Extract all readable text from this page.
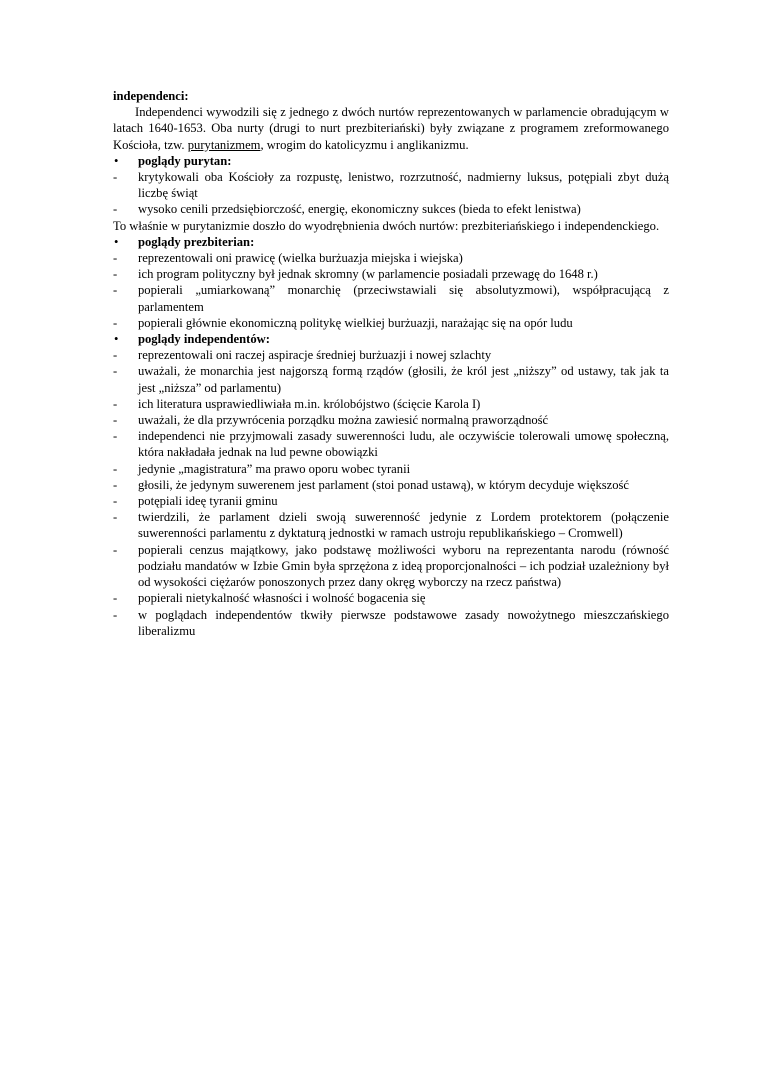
independenci:

Independenci wywodzili się z jednego z dwóch nurtów reprezentowanych w parlamencie obradującym w latach 1640-1653. Oba nurty (drugi to nurt prezbiteriański) były związane z programem zreformowanego Kościoła, tzw. purytanizmem, wrogim do katolicyzmu i anglikanizmu.

• poglądy purytan:
- krytykowali oba Kościoły za rozpustę, lenistwo, rozrzutność, nadmierny luksus, potępiali zbyt dużą liczbę świąt
- wysoko cenili przedsiębiorczość, energię, ekonomiczny sukces (bieda to efekt lenistwa)

To właśnie w purytanizmie doszło do wyodrębnienia dwóch nurtów: prezbiteriańskiego i independenckiego.

• poglądy prezbiterian:
- reprezentowali oni prawicę (wielka burżuazja miejska i wiejska)
- ich program polityczny był jednak skromny (w parlamencie posiadali przewagę do 1648 r.)
- popierali „umiarkowaną” monarchię (przeciwstawiali się absolutyzmowi), współpracującą z parlamentem
- popierali głównie ekonomiczną politykę wielkiej burżuazji, narażając się na opór ludu
• poglądy independentów:
- reprezentowali oni raczej aspiracje średniej burżuazji i nowej szlachty
- uważali, że monarchia jest najgorszą formą rządów (głosili, że król jest „niższy” od ustawy, tak jak ta jest „niższa” od parlamentu)
- ich literatura usprawiedliwiała m.in. królobójstwo (ścięcie Karola I)
- uważali, że dla przywrócenia porządku można zawiesić normalną praworządność
- independenci nie przyjmowali zasady suwerenności ludu, ale oczywiście tolerowali umowę społeczną, która nakładała jednak na lud pewne obowiązki
- jedynie „magistratura” ma prawo oporu wobec tyranii
- głosili, że jedynym suwerenem jest parlament (stoi ponad ustawą), w którym decyduje większość
- potępiali ideę tyranii gminu
- twierdzili, że parlament dzieli swoją suwerenność jedynie z Lordem protektorem (połączenie suwerenności parlamentu z dyktaturą jednostki w ramach ustroju republikańskiego – Cromwell)
- popierali cenzus majątkowy, jako podstawę możliwości wyboru na reprezentanta narodu (równość podziału mandatów w Izbie Gmin była sprzężona z ideą proporcjonalności – ich podział uzależniony był od wysokości ciężarów ponoszonych przez dany okręg wyborczy na rzecz państwa)
- popierali nietykalność własności i wolność bogacenia się
- w poglądach independentów tkwiły pierwsze podstawowe zasady nowożytnego mieszczańskiego liberalizmu
